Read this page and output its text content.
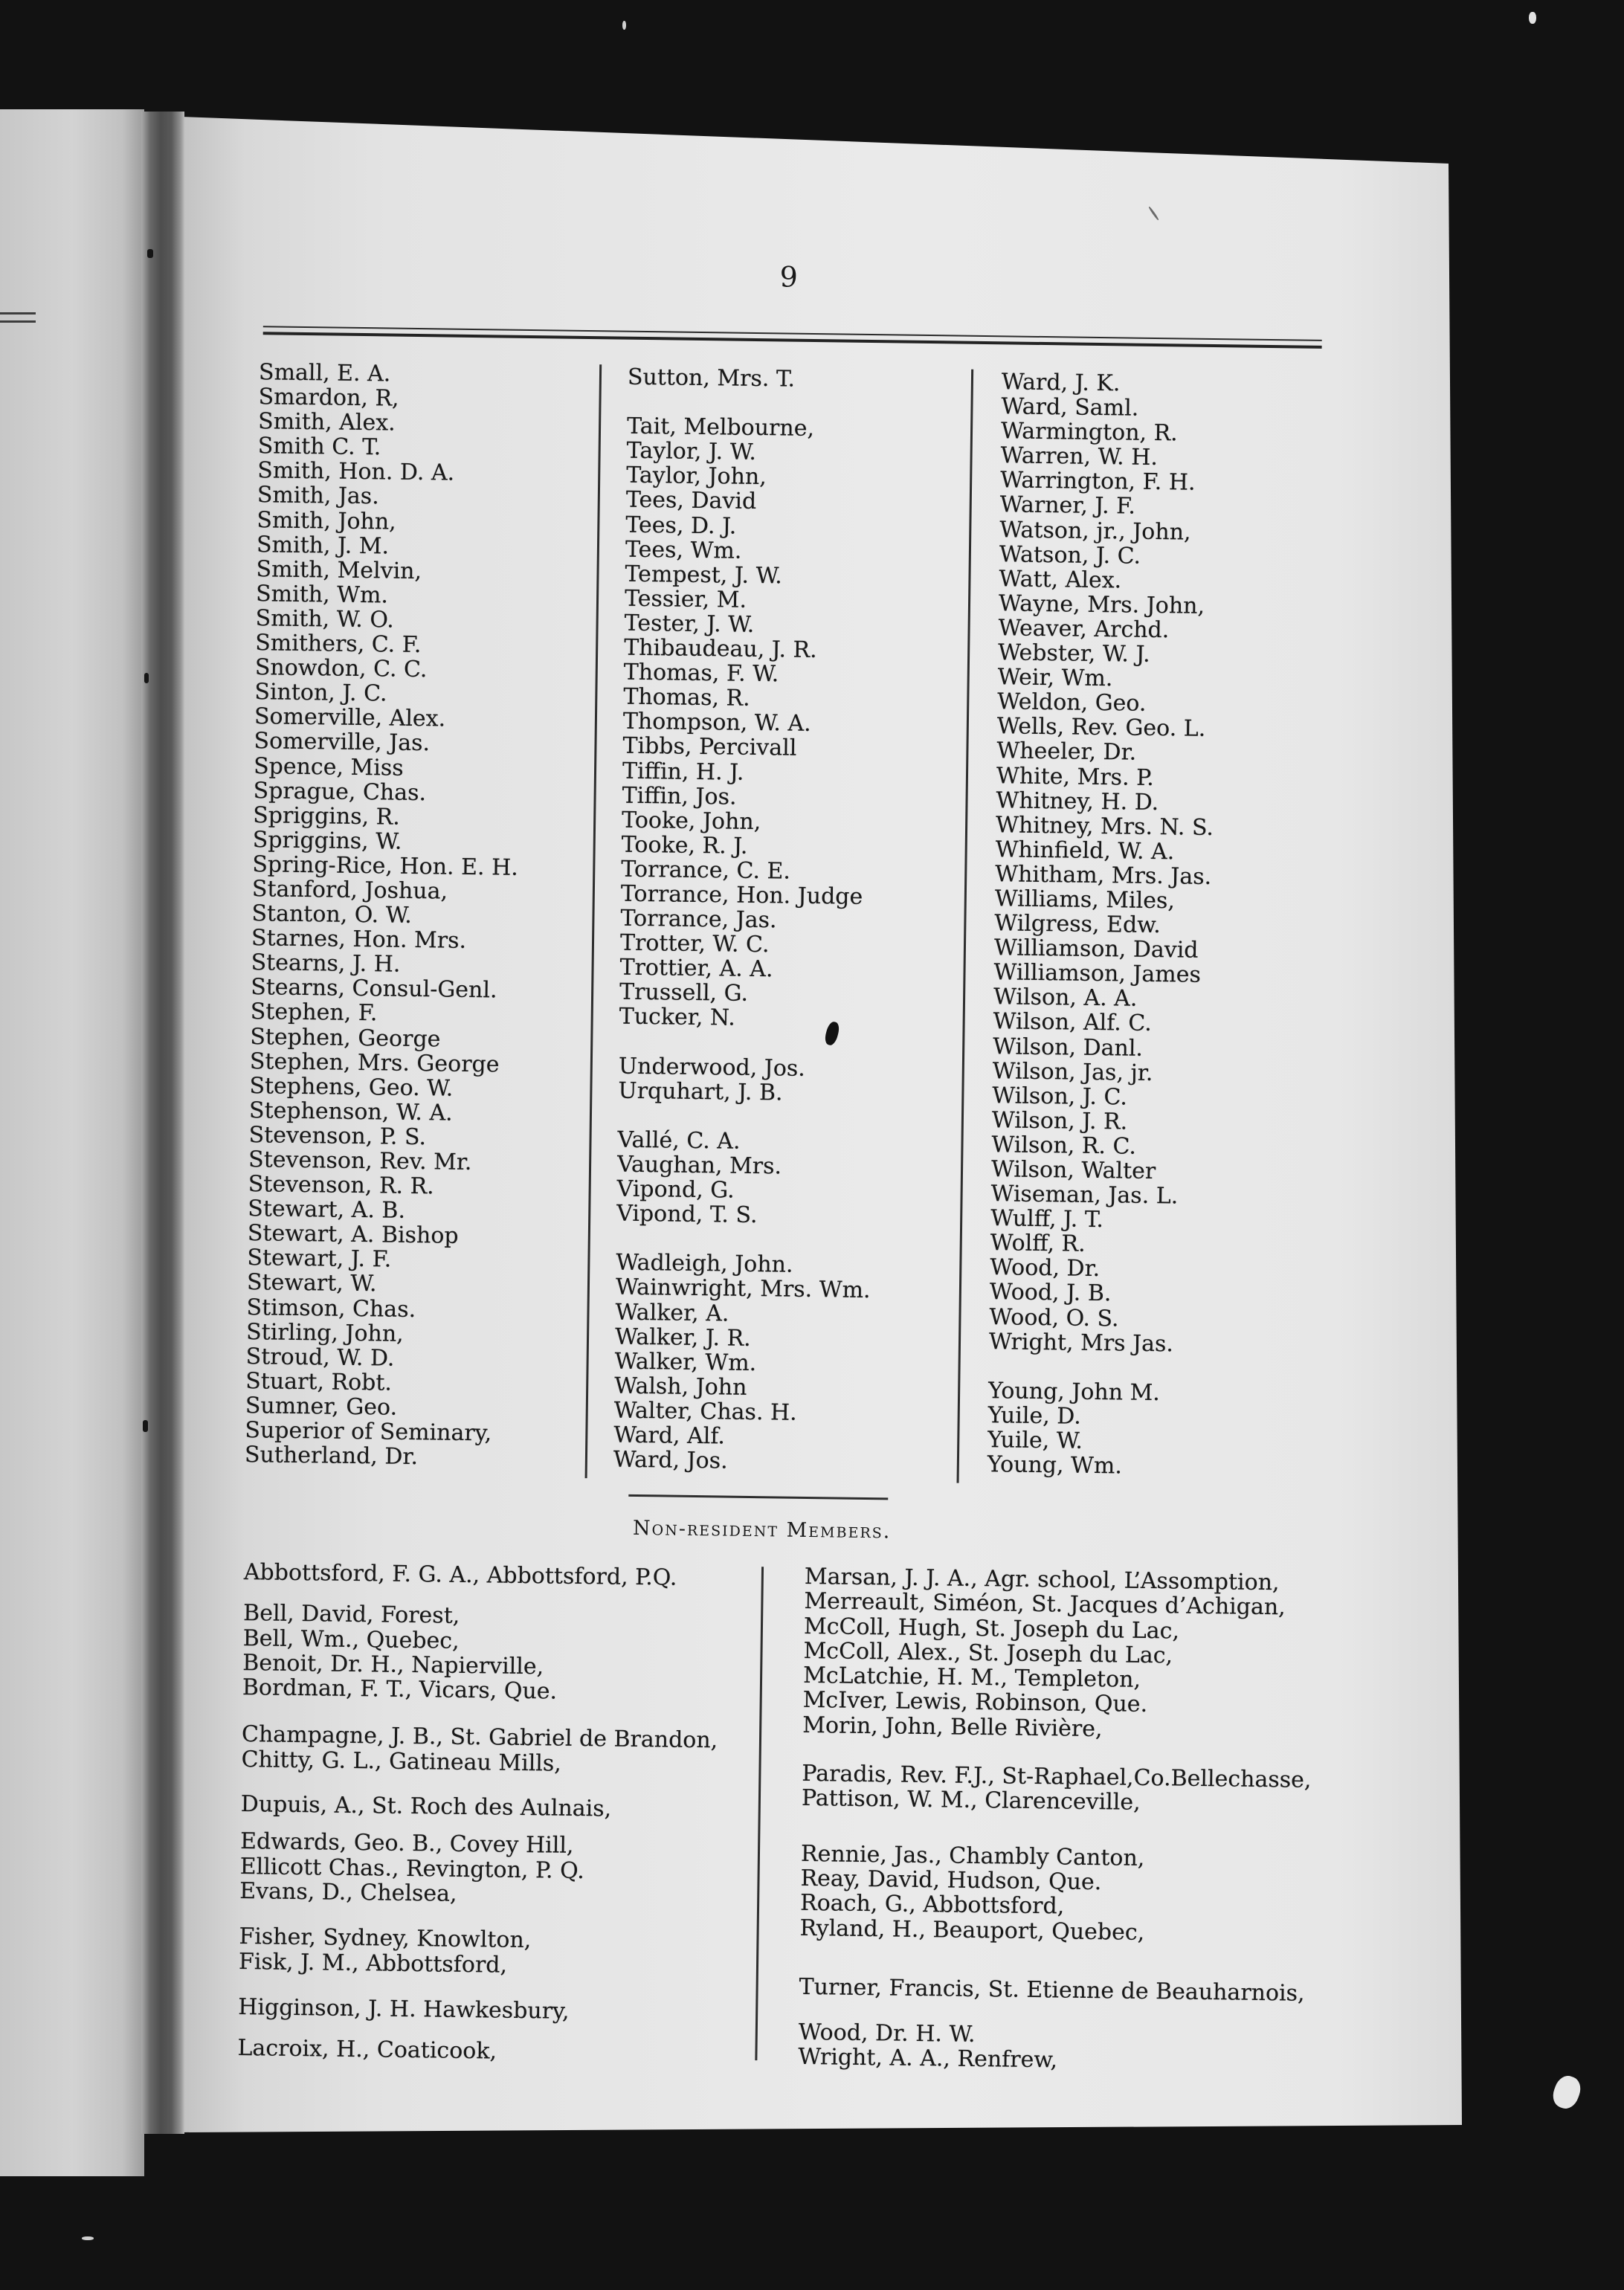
9
Small, E. A.
Smardon, R,
Smith, Alex.
Smith C. T.
Smith, Hon. D. A.
Smith, Jas.
Smith, John,
Smith, J. M.
Smith, Melvin,
Smith, Wm.
Smith, W. O.
Smithers, C. F.
Snowdon, C. C.
Sinton, J. C.
Somerville, Alex.
Somerville, Jas.
Spence, Miss
Sprague, Chas.
Spriggins, R.
Spriggins, W.
Spring-Rice, Hon. E. H.
Stanford, Joshua,
Stanton, O. W.
Starnes, Hon. Mrs.
Stearns, J. H.
Stearns, Consul-Genl.
Stephen, F.
Stephen, George
Stephen, Mrs. George
Stephens, Geo. W.
Stephenson, W. A.
Stevenson, P. S.
Stevenson, Rev. Mr.
Stevenson, R. R.
Stewart, A. B.
Stewart, A. Bishop
Stewart, J. F.
Stewart, W.
Stimson, Chas.
Stirling, John,
Stroud, W. D.
Stuart, Robt.
Sumner, Geo.
Superior of Seminary,
Sutherland, Dr.
Sutton, Mrs. T.
Tait, Melbourne,
Taylor, J. W.
Taylor, John,
Tees, David
Tees, D. J.
Tees, Wm.
Tempest, J. W.
Tessier, M.
Tester, J. W.
Thibaudeau, J. R.
Thomas, F. W.
Thomas, R.
Thompson, W. A.
Tibbs, Percivall
Tiffin, H. J.
Tiffin, Jos.
Tooke, John,
Tooke, R. J.
Torrance, C. E.
Torrance, Hon. Judge
Torrance, Jas.
Trotter, W. C.
Trottier, A. A.
Trussell, G.
Tucker, N.
Underwood, Jos.
Urquhart, J. B.
Vallé, C. A.
Vaughan, Mrs.
Vipond, G.
Vipond, T. S.
Wadleigh, John.
Wainwright, Mrs. Wm.
Walker, A.
Walker, J. R.
Walker, Wm.
Walsh, John
Walter, Chas. H.
Ward, Alf.
Ward, Jos.
Ward, J. K.
Ward, Saml.
Warmington, R.
Warren, W. H.
Warrington, F. H.
Warner, J. F.
Watson, jr., John,
Watson, J. C.
Watt, Alex.
Wayne, Mrs. John,
Weaver, Archd.
Webster, W. J.
Weir, Wm.
Weldon, Geo.
Wells, Rev. Geo. L.
Wheeler, Dr.
White, Mrs. P.
Whitney, H. D.
Whitney, Mrs. N. S.
Whinfield, W. A.
Whitham, Mrs. Jas.
Williams, Miles,
Wilgress, Edw.
Williamson, David
Williamson, James
Wilson, A. A.
Wilson, Alf. C.
Wilson, Danl.
Wilson, Jas, jr.
Wilson, J. C.
Wilson, J. R.
Wilson, R. C.
Wilson, Walter
Wiseman, Jas. L.
Wulff, J. T.
Wolff, R.
Wood, Dr.
Wood, J. B.
Wood, O. S.
Wright, Mrs Jas.
Young, John M.
Yuile, D.
Yuile, W.
Young, Wm.
Non-resident Members.
Abbottsford, F. G. A., Abbottsford, P.Q.
Bell, David, Forest,
Bell, Wm., Quebec,
Benoit, Dr. H., Napierville,
Bordman, F. T., Vicars, Que.
Champagne, J. B., St. Gabriel de Brandon,
Chitty, G. L., Gatineau Mills,
Dupuis, A., St. Roch des Aulnais,
Edwards, Geo. B., Covey Hill,
Ellicott Chas., Revington, P. Q.
Evans, D., Chelsea,
Fisher, Sydney, Knowlton,
Fisk, J. M., Abbottsford,
Higginson, J. H. Hawkesbury,
Lacroix, H., Coaticook,
Marsan, J. J. A., Agr. school, L’Assomption,
Merreault, Siméon, St. Jacques d’Achigan,
McColl, Hugh, St. Joseph du Lac,
McColl, Alex., St. Joseph du Lac,
McLatchie, H. M., Templeton,
McIver, Lewis, Robinson, Que.
Morin, John, Belle Rivière,
Paradis, Rev. F.J., St-Raphael,Co.Bellechasse,
Pattison, W. M., Clarenceville,
Rennie, Jas., Chambly Canton,
Reay, David, Hudson, Que.
Roach, G., Abbottsford,
Ryland, H., Beauport, Quebec,
Turner, Francis, St. Etienne de Beauharnois,
Wood, Dr. H. W.
Wright, A. A., Renfrew,
